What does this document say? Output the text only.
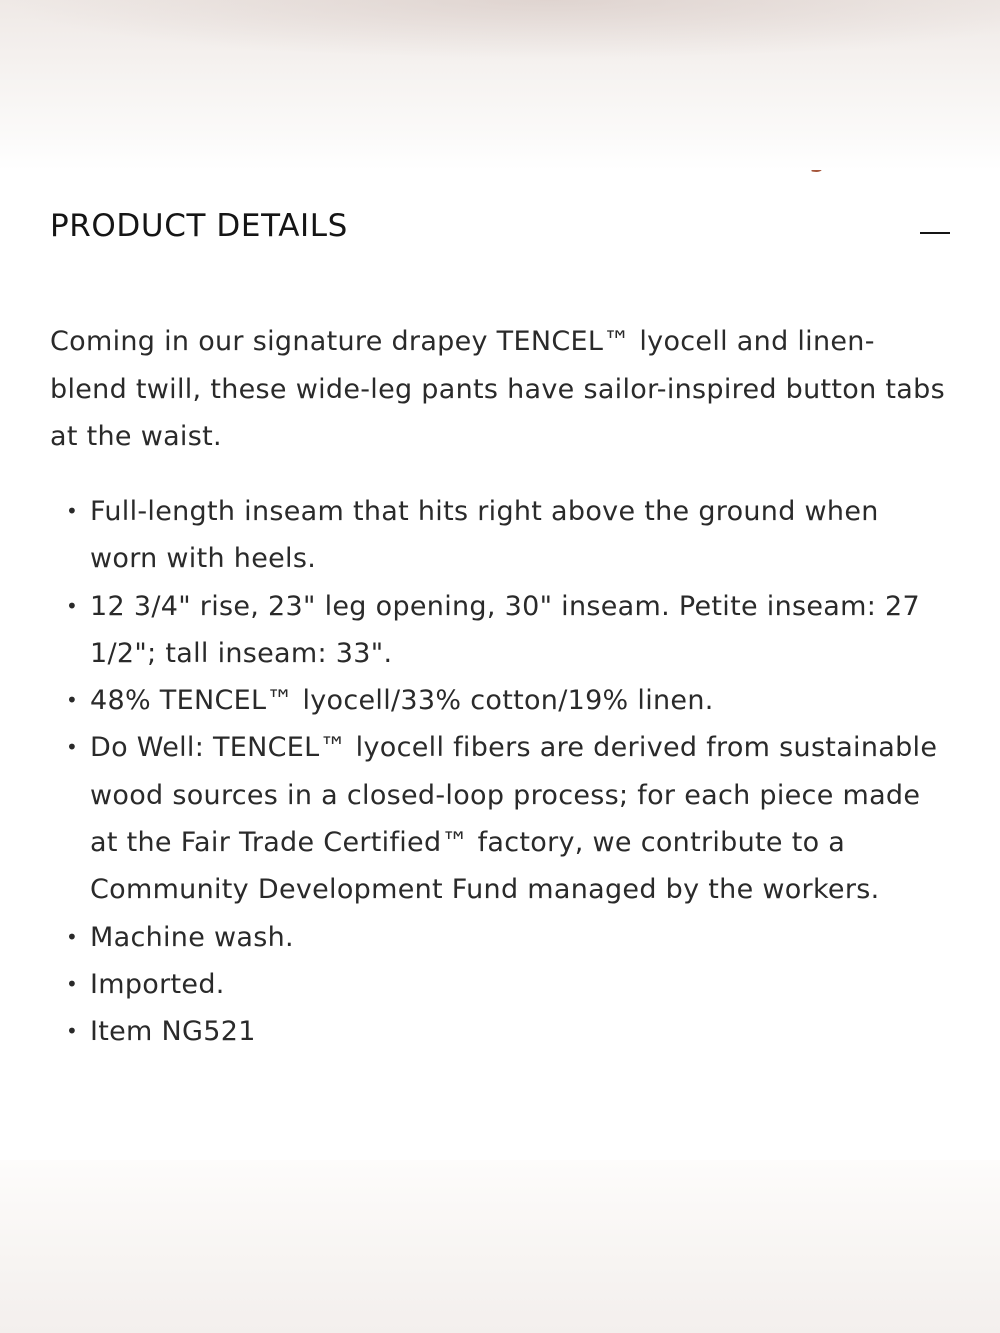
PRODUCT DETAILS

Coming in our signature drapey TENCEL™ lyocell and linen-blend twill, these wide-leg pants have sailor-inspired button tabs at the waist.

• Full-length inseam that hits right above the ground when worn with heels.
• 12 3/4" rise, 23" leg opening, 30" inseam. Petite inseam: 27 1/2"; tall inseam: 33".
• 48% TENCEL™ lyocell/33% cotton/19% linen.
• Do Well: TENCEL™ lyocell fibers are derived from sustainable wood sources in a closed-loop process; for each piece made at the Fair Trade Certified™ factory, we contribute to a Community Development Fund managed by the workers.
• Machine wash.
• Imported.
• Item NG521
